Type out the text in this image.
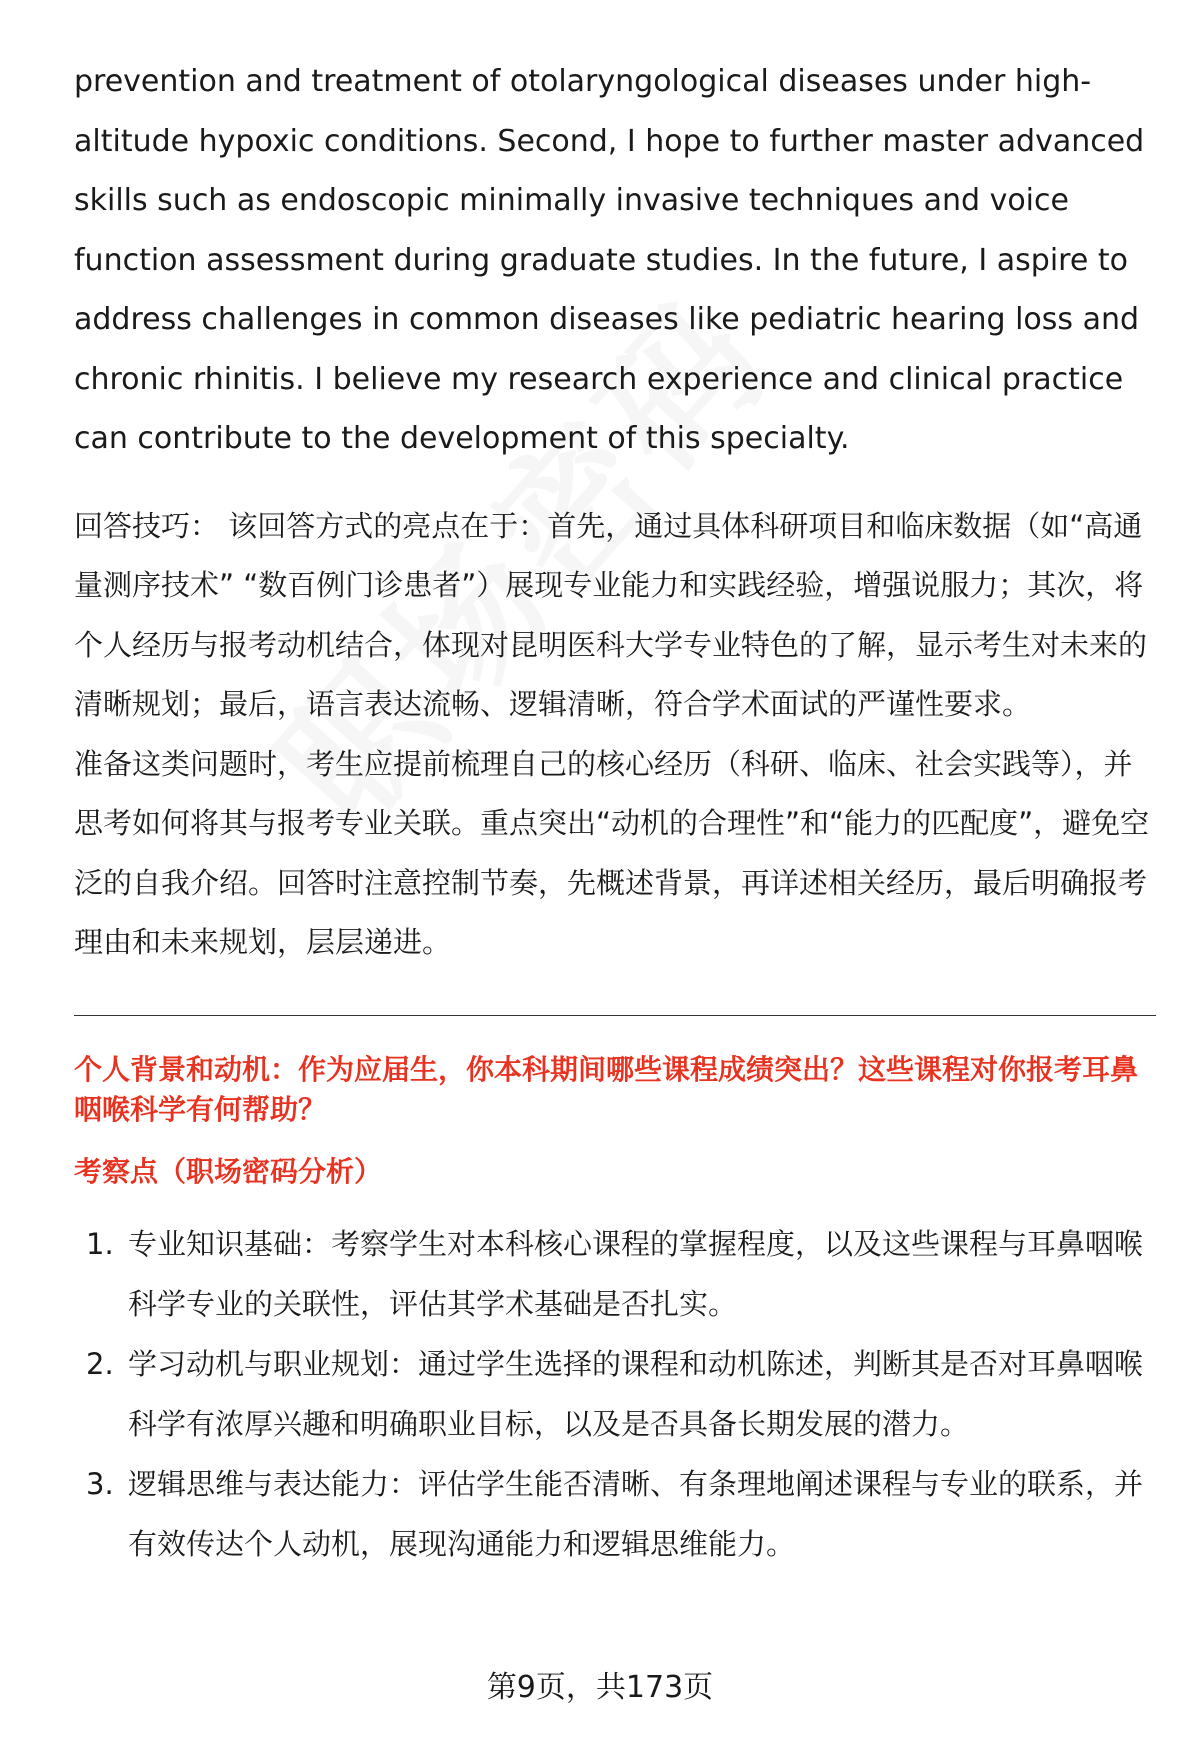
prevention and treatment of otolaryngological diseases under high-altitude hypoxic conditions. Second, I hope to further master advanced skills such as endoscopic minimally invasive techniques and voice function assessment during graduate studies. In the future, I aspire to address challenges in common diseases like pediatric hearing loss and chronic rhinitis. I believe my research experience and clinical practice can contribute to the development of this specialty.

回答技巧： 该回答方式的亮点在于：首先，通过具体科研项目和临床数据（如“高通量测序技术” “数百例门诊患者”）展现专业能力和实践经验，增强说服力；其次，将个人经历与报考动机结合，体现对昆明医科大学专业特色的了解，显示考生对未来的清晰规划；最后，语言表达流畅、逻辑清晰，符合学术面试的严谨性要求。

准备这类问题时，考生应提前梳理自己的核心经历（科研、临床、社会实践等），并思考如何将其与报考专业关联。重点突出“动机的合理性”和“能力的匹配度”，避免空泛的自我介绍。回答时注意控制节奏，先概述背景，再详述相关经历，最后明确报考理由和未来规划，层层递进。

个人背景和动机：作为应届生，你本科期间哪些课程成绩突出？这些课程对你报考耳鼻咽喉科学有何帮助？
考察点（职场密码分析）
1. 专业知识基础：考察学生对本科核心课程的掌握程度，以及这些课程与耳鼻咽喉科学专业的关联性，评估其学术基础是否扎实。
2. 学习动机与职业规划：通过学生选择的课程和动机陈述，判断其是否对耳鼻咽喉科学有浓厚兴趣和明确职业目标，以及是否具备长期发展的潜力。
3. 逻辑思维与表达能力：评估学生能否清晰、有条理地阐述课程与专业的联系，并有效传达个人动机，展现沟通能力和逻辑思维能力。
第9页，共173页
